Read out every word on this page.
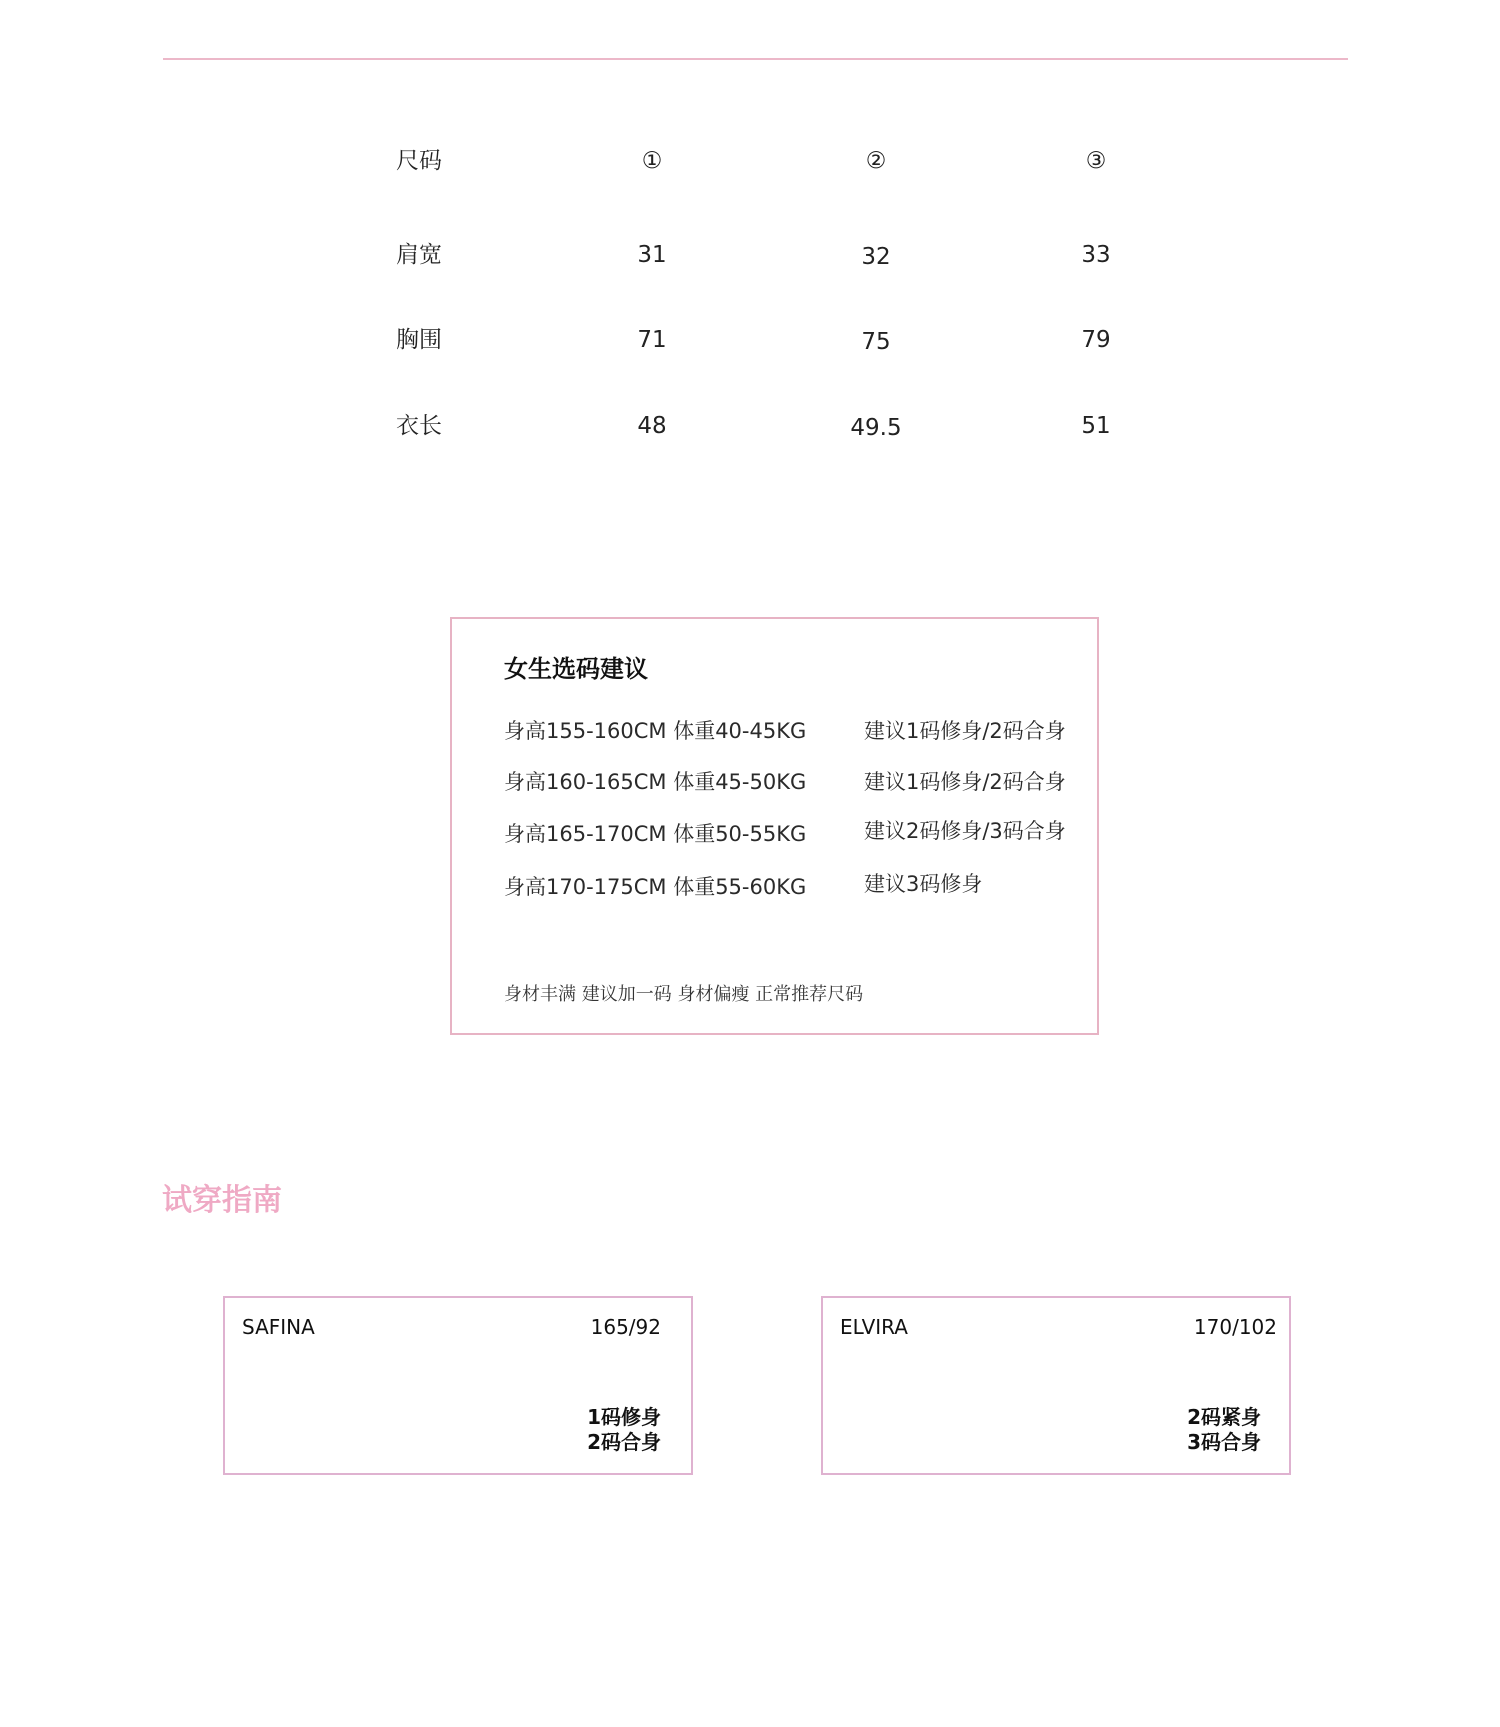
尺码	①	②	③
肩宽	31	32	33
胸围	71	75	79
衣长	48	49.5	51
女生选码建议
身高155-160CM 体重40-45KG	建议1码修身/2码合身
身高160-165CM 体重45-50KG	建议1码修身/2码合身
身高165-170CM 体重50-55KG	建议2码修身/3码合身
身高170-175CM 体重55-60KG	建议3码修身
身材丰满 建议加一码 身材偏瘦 正常推荐尺码
试穿指南
SAFINA	165/92
1码修身
2码合身
ELVIRA	170/102
2码紧身
3码合身
